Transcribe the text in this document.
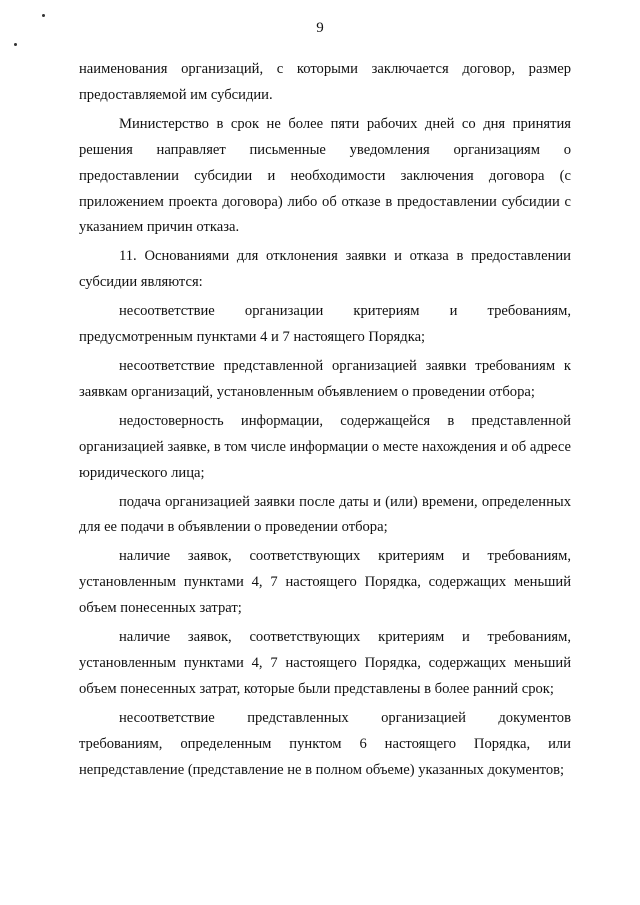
9

наименования организаций, с которыми заключается договор, размер предоставляемой им субсидии.

Министерство в срок не более пяти рабочих дней со дня принятия решения направляет письменные уведомления организациям о предоставлении субсидии и необходимости заключения договора (с приложением проекта договора) либо об отказе в предоставлении субсидии с указанием причин отказа.

11. Основаниями для отклонения заявки и отказа в предоставлении субсидии являются:

несоответствие организации критериям и требованиям, предусмотренным пунктами 4 и 7 настоящего Порядка;

несоответствие представленной организацией заявки требованиям к заявкам организаций, установленным объявлением о проведении отбора;

недостоверность информации, содержащейся в представленной организацией заявке, в том числе информации о месте нахождения и об адресе юридического лица;

подача организацией заявки после даты и (или) времени, определенных для ее подачи в объявлении о проведении отбора;

наличие заявок, соответствующих критериям и требованиям, установленным пунктами 4, 7 настоящего Порядка, содержащих меньший объем понесенных затрат;

наличие заявок, соответствующих критериям и требованиям, установленным пунктами 4, 7 настоящего Порядка, содержащих меньший объем понесенных затрат, которые были представлены в более ранний срок;

несоответствие представленных организацией документов требованиям, определенным пунктом 6 настоящего Порядка, или непредставление (представление не в полном объеме) указанных документов;
